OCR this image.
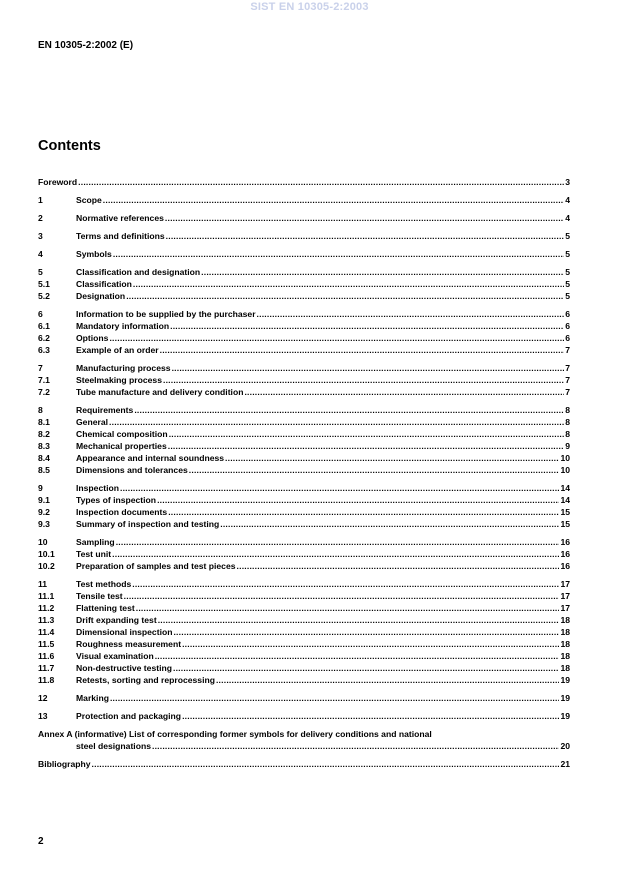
SIST EN 10305-2:2003
EN 10305-2:2002 (E)
Contents
Foreword .....	3
1	Scope .....	4
2	Normative references .....	4
3	Terms and definitions .....	5
4	Symbols .....	5
5	Classification and designation .....	5
5.1	Classification .....	5
5.2	Designation .....	5
6	Information to be supplied by the purchaser .....	6
6.1	Mandatory information .....	6
6.2	Options .....	6
6.3	Example of an order .....	7
7	Manufacturing process .....	7
7.1	Steelmaking process .....	7
7.2	Tube manufacture and delivery condition .....	7
8	Requirements .....	8
8.1	General .....	8
8.2	Chemical composition .....	8
8.3	Mechanical properties .....	9
8.4	Appearance and internal soundness .....	10
8.5	Dimensions and tolerances .....	10
9	Inspection .....	14
9.1	Types of inspection .....	14
9.2	Inspection documents .....	15
9.3	Summary of inspection and testing .....	15
10	Sampling .....	16
10.1 Test unit .....	16
10.2 Preparation of samples and test pieces .....	16
11	Test methods .....	17
11.1	Tensile test .....	17
11.2	Flattening test .....	17
11.3	Drift expanding test .....	18
11.4	Dimensional inspection .....	18
11.5	Roughness measurement .....	18
11.6	Visual examination .....	18
11.7	Non-destructive testing .....	18
11.8	Retests, sorting and reprocessing .....	19
12	Marking .....	19
13	Protection and packaging .....	19
Annex A (informative) List of corresponding former symbols for delivery conditions and national
steel designations .....	20
Bibliography .....	21
2
